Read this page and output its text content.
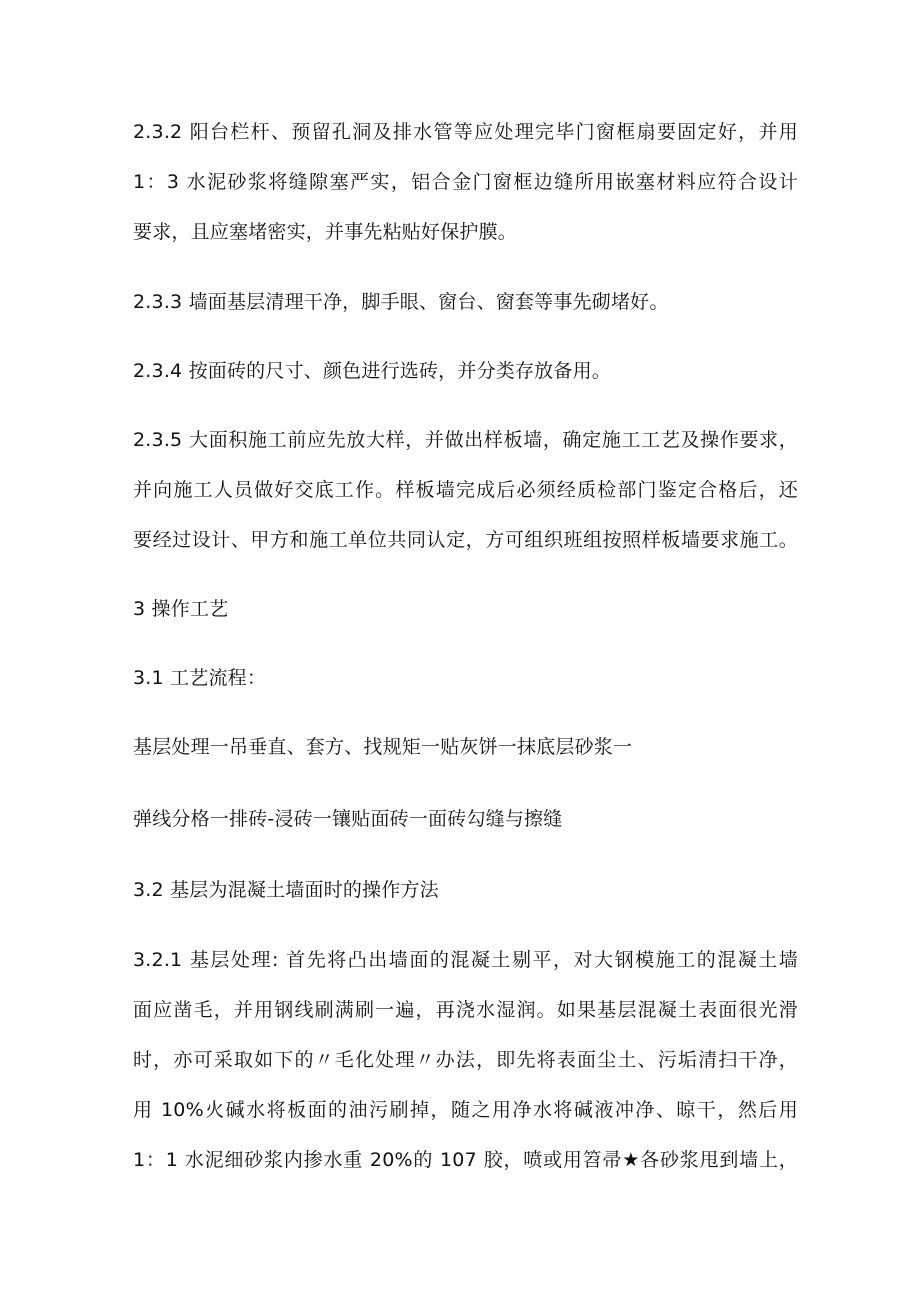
2.3.2 阳台栏杆、预留孔洞及排水管等应处理完毕门窗框扇要固定好，并用
1：3 水泥砂浆将缝隙塞严实，铝合金门窗框边缝所用嵌塞材料应符合设计
要求，且应塞堵密实，并事先粘贴好保护膜。
2.3.3 墙面基层清理干净，脚手眼、窗台、窗套等事先砌堵好。
2.3.4 按面砖的尺寸、颜色进行选砖，并分类存放备用。
2.3.5 大面积施工前应先放大样，并做出样板墙，确定施工工艺及操作要求，
并向施工人员做好交底工作。样板墙完成后必须经质检部门鉴定合格后，还
要经过设计、甲方和施工单位共同认定，方可组织班组按照样板墙要求施工。
3 操作工艺
3.1 工艺流程：
基层处理一吊垂直、套方、找规矩一贴灰饼一抹底层砂浆一
弹线分格一排砖-浸砖一镶贴面砖一面砖勾缝与擦缝
3.2 基层为混凝土墙面时的操作方法
3.2.1 基层处理: 首先将凸出墙面的混凝土剔平，对大钢模施工的混凝土墙
面应凿毛，并用钢线刷满刷一遍，再浇水湿润。如果基层混凝土表面很光滑
时，亦可采取如下的〃毛化处理〃办法，即先将表面尘土、污垢清扫干净，
用 10%火碱水将板面的油污刷掉，随之用净水将碱液冲净、晾干，然后用
1：1 水泥细砂浆内掺水重 20%的 107 胶，喷或用笤帚★各砂浆甩到墙上，
